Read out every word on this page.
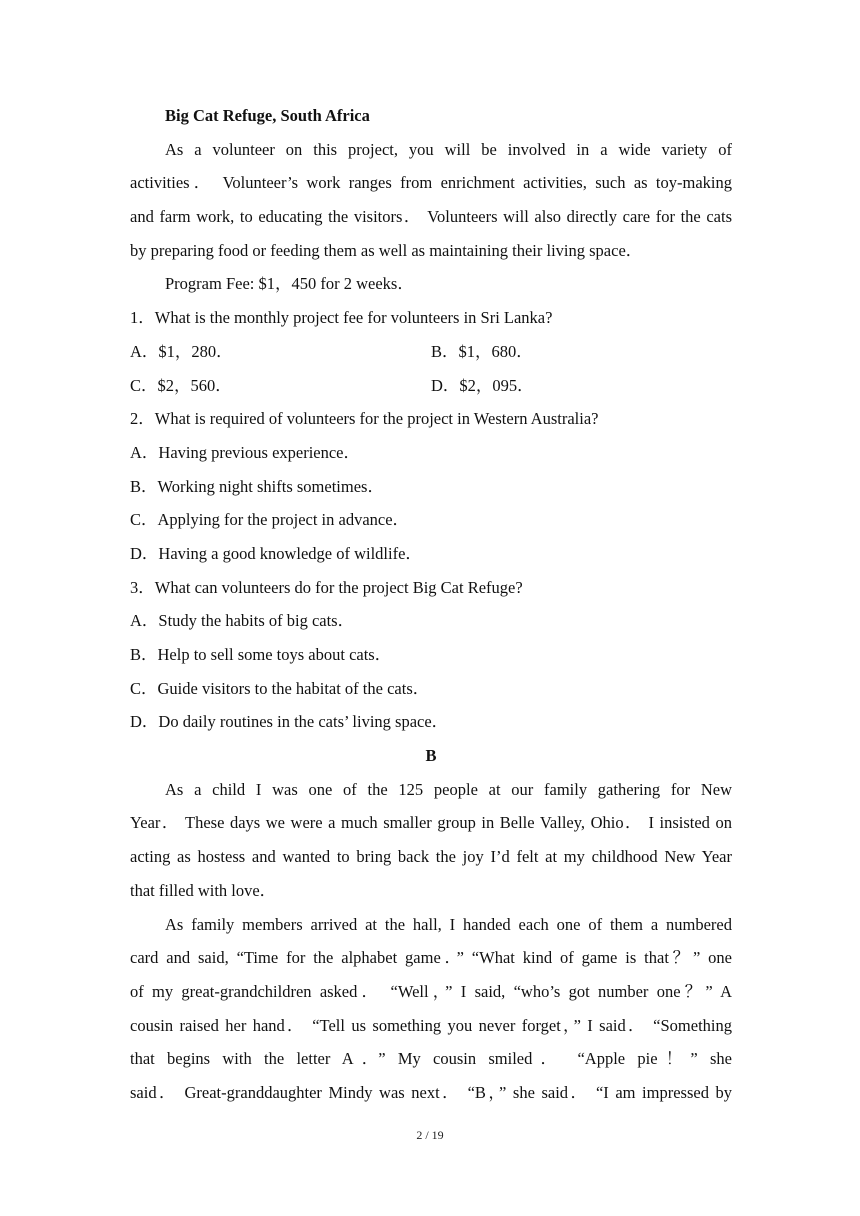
Big Cat Refuge, South Africa
As a volunteer on this project, you will be involved in a wide variety of
activities． Volunteer’s work ranges from enrichment activities, such as toy-making
and farm work, to educating the visitors． Volunteers will also directly care for the cats
by preparing food or feeding them as well as maintaining their living space．
Program Fee: $1，450 for 2 weeks．
1．What is the monthly project fee for volunteers in Sri Lanka?
A．$1，280．	B．$1，680．
C．$2，560．	D．$2，095．
2．What is required of volunteers for the project in Western Australia?
A．Having previous experience．
B．Working night shifts sometimes．
C．Applying for the project in advance．
D．Having a good knowledge of wildlife．
3．What can volunteers do for the project Big Cat Refuge?
A．Study the habits of big cats．
B．Help to sell some toys about cats．
C．Guide visitors to the habitat of the cats．
D．Do daily routines in the cats’ living space．
B
As a child I was one of the 125 people at our family gathering for New
Year． These days we were a much smaller group in Belle Valley, Ohio． I insisted on
acting as hostess and wanted to bring back the joy I’d felt at my childhood New Year
that filled with love．
As family members arrived at the hall, I handed each one of them a numbered
card and said, “Time for the alphabet game．” “What kind of game is that？” one
of my great-grandchildren asked． “Well，” I said, “who’s got number one？” A
cousin raised her hand． “Tell us something you never forget，” I said． “Something
that begins with the letter A．” My cousin smiled． “Apple pie！” she
said． Great-granddaughter Mindy was next． “B，” she said． “I am impressed by
2 / 19
